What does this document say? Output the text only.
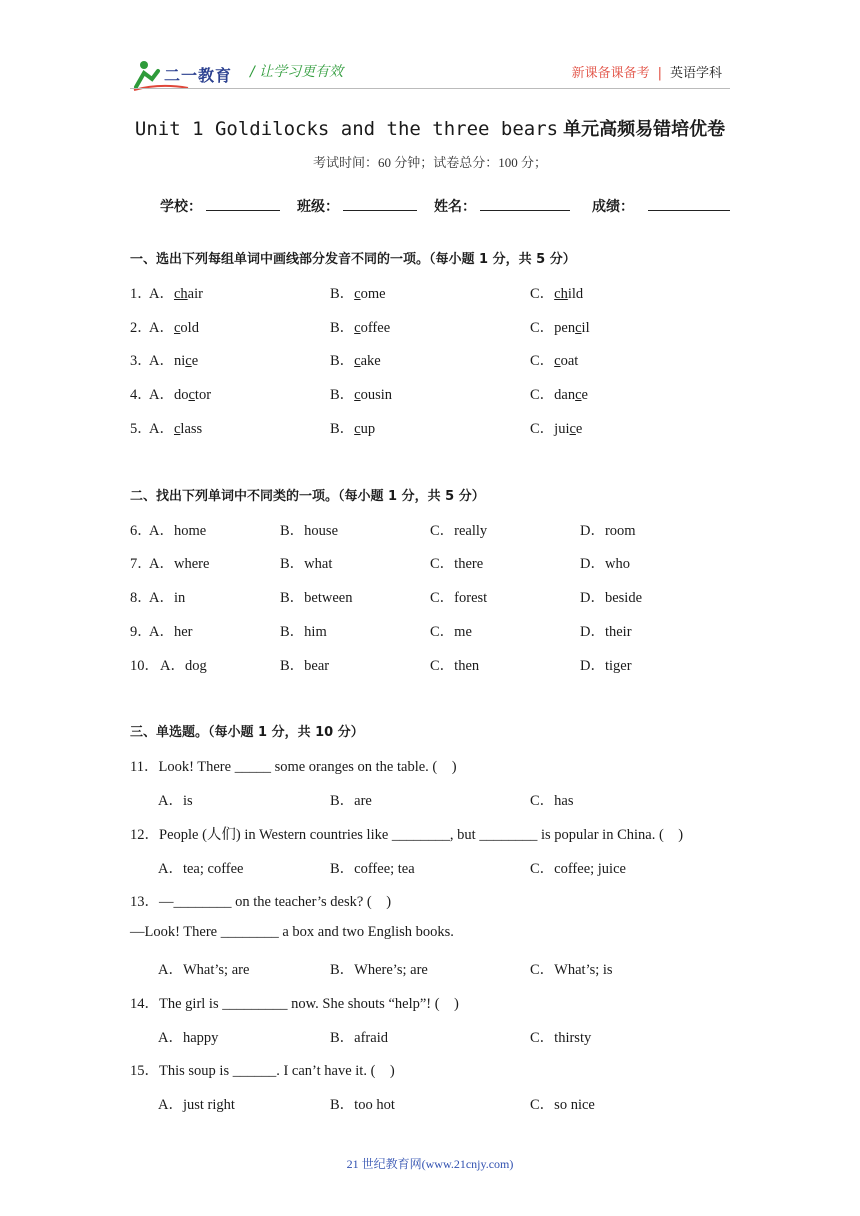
二一教育 / 让学习更有效	新课备课备考 | 英语学科
Unit 1 Goldilocks and the three bears 单元高频易错培优卷
考试时间：60 分钟；试卷总分：100 分；
学校：	班级：	姓名：	成绩：
一、选出下列每组单词中画线部分发音不同的一项。（每小题 1 分，共 5 分）
1．
A．chair	B．come	C．child
2．
A．cold	B．coffee	C．pencil
3．
A．nice	B．cake	C．coat
4．
A．doctor	B．cousin	C．dance
5．
A．class	B．cup	C．juice
二、找出下列单词中不同类的一项。（每小题 1 分，共 5 分）
6．
A．home	B．house	C．really	D．room
7．
A．where	B．what	C．there	D．who
8．
A．in	B．between	C．forest	D．beside
9．
A．her	B．him	C．me	D．their
10． A．dog	B．bear	C．then	D．tiger
三、单选题。（每小题 1 分，共 10 分）
11．Look! There _____ some oranges on the table. (　)
A．is	B．are	C．has
12．People (人们) in Western countries like ________, but ________ is popular in China. (　)
A．tea; coffee	B．coffee; tea	C．coffee; juice
13．—________ on the teacher’s desk? (　)
—Look! There ________ a box and two English books.
A．What’s; are	B．Where’s; are	C．What’s; is
14．The girl is _________ now. She shouts “help”! (　)
A．happy	B．afraid	C．thirsty
15．This soup is ______. I can’t have it. (　)
A．just right	B．too hot	C．so nice
21 世纪教育网(www.21cnjy.com)
